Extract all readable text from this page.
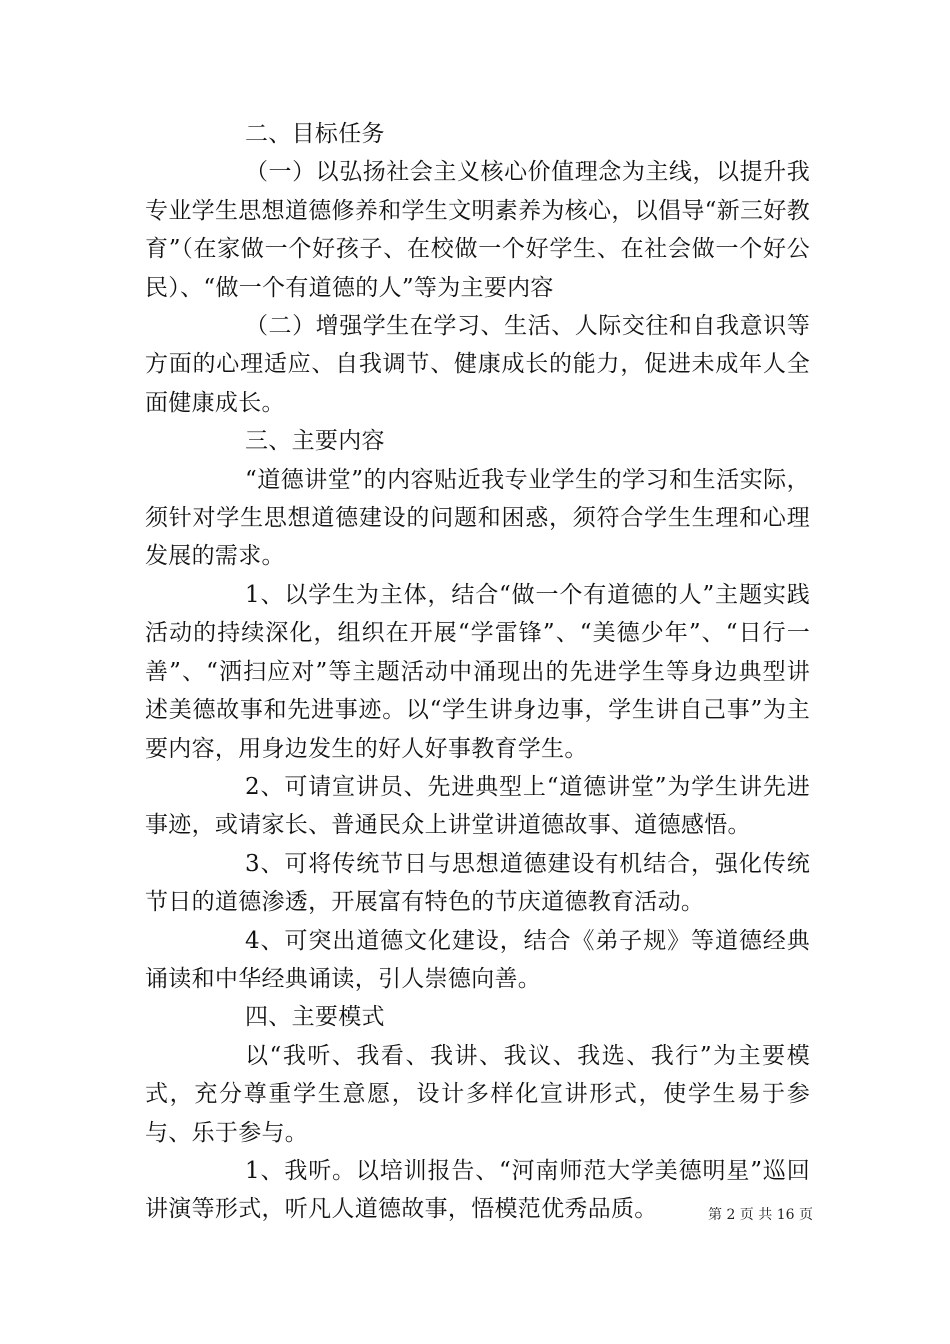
二、目标任务

（一）以弘扬社会主义核心价值理念为主线，以提升我专业学生思想道德修养和学生文明素养为核心，以倡导“新三好教育”（在家做一个好孩子、在校做一个好学生、在社会做一个好公民）、“做一个有道德的人”等为主要内容

（二）增强学生在学习、生活、人际交往和自我意识等方面的心理适应、自我调节、健康成长的能力，促进未成年人全面健康成长。

三、主要内容

“道德讲堂”的内容贴近我专业学生的学习和生活实际，须针对学生思想道德建设的问题和困惑，须符合学生生理和心理发展的需求。

1、以学生为主体，结合“做一个有道德的人”主题实践活动的持续深化，组织在开展“学雷锋”、“美德少年”、“日行一善”、“洒扫应对”等主题活动中涌现出的先进学生等身边典型讲述美德故事和先进事迹。以“学生讲身边事，学生讲自己事”为主要内容，用身边发生的好人好事教育学生。

2、可请宣讲员、先进典型上“道德讲堂”为学生讲先进事迹，或请家长、普通民众上讲堂讲道德故事、道德感悟。

3、可将传统节日与思想道德建设有机结合，强化传统节日的道德渗透，开展富有特色的节庆道德教育活动。

4、可突出道德文化建设，结合《弟子规》等道德经典诵读和中华经典诵读，引人崇德向善。

四、主要模式

以“我听、我看、我讲、我议、我选、我行”为主要模式，充分尊重学生意愿，设计多样化宣讲形式，使学生易于参与、乐于参与。

1、我听。以培训报告、“河南师范大学美德明星”巡回讲演等形式，听凡人道德故事，悟模范优秀品质。	第 2 页 共 16 页
